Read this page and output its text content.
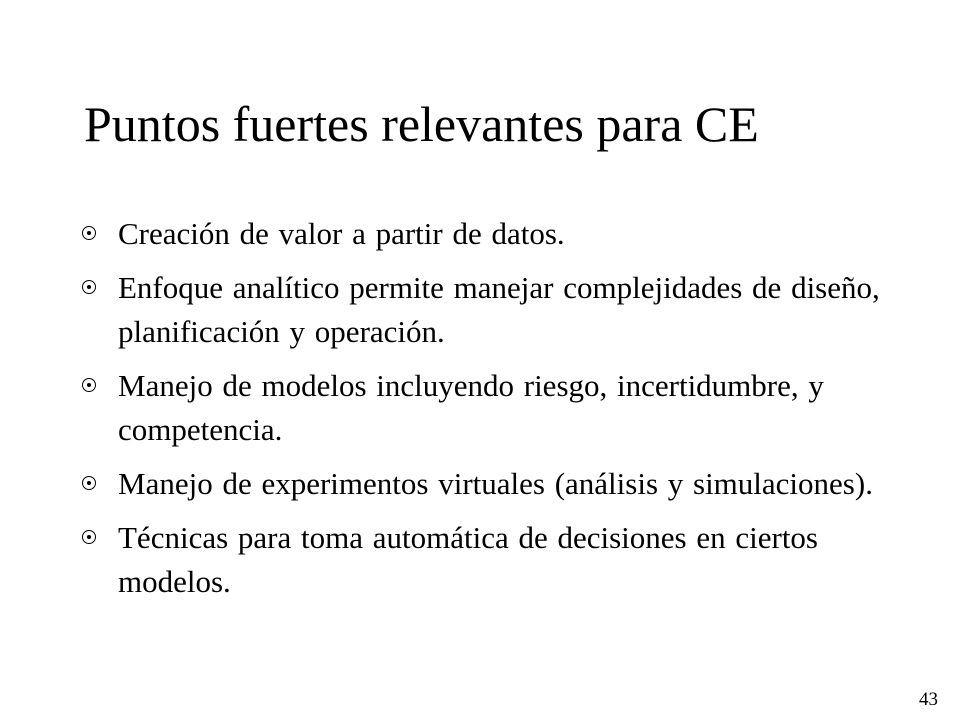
Puntos fuertes relevantes para CE
Creación de valor a partir de datos.
Enfoque analítico permite manejar complejidades de diseño, planificación y operación.
Manejo de modelos incluyendo riesgo, incertidumbre, y competencia.
Manejo de experimentos virtuales (análisis y simulaciones).
Técnicas para toma automática de decisiones en ciertos modelos.
43
